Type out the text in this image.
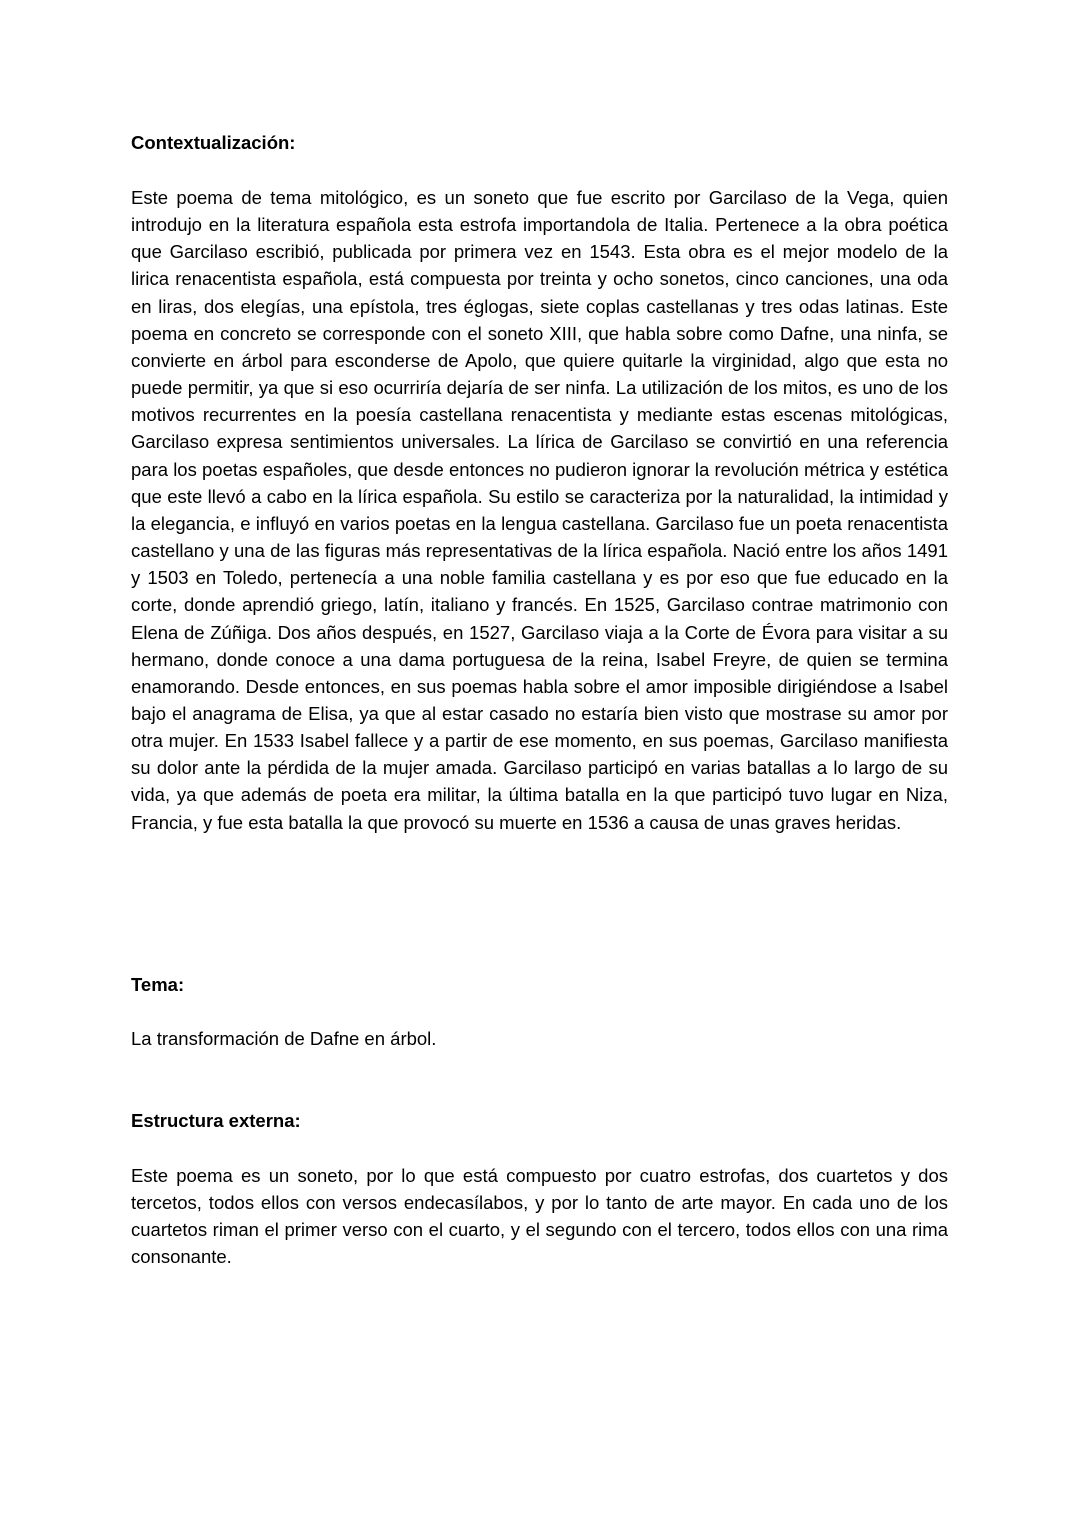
Contextualización:

Este poema de tema mitológico, es un soneto que fue escrito por Garcilaso de la Vega, quien introdujo en la literatura española esta estrofa importandola de Italia. Pertenece a la obra poética que Garcilaso escribió, publicada por primera vez en 1543. Esta obra es el mejor modelo de la lirica renacentista española, está compuesta por treinta y ocho sonetos, cinco canciones, una oda en liras, dos elegías, una epístola, tres églogas, siete coplas castellanas y tres odas latinas. Este poema en concreto se corresponde con el soneto XIII, que habla sobre como Dafne, una ninfa, se convierte en árbol para esconderse de Apolo, que quiere quitarle la virginidad, algo que esta no puede permitir, ya que si eso ocurriría dejaría de ser ninfa. La utilización de los mitos, es uno de los motivos recurrentes en la poesía castellana renacentista y mediante estas escenas mitológicas, Garcilaso expresa sentimientos universales. La lírica de Garcilaso se convirtió en una referencia para los poetas españoles, que desde entonces no pudieron ignorar la revolución métrica y estética que este llevó a cabo en la lírica española. Su estilo se caracteriza por la naturalidad, la intimidad y la elegancia, e influyó en varios poetas en la lengua castellana. Garcilaso fue un poeta renacentista castellano y una de las figuras más representativas de la lírica española. Nació entre los años 1491 y 1503 en Toledo, pertenecía a una noble familia castellana y es por eso que fue educado en la corte, donde aprendió griego, latín, italiano y francés. En 1525, Garcilaso contrae matrimonio con Elena de Zúñiga. Dos años después, en 1527, Garcilaso viaja a la Corte de Évora para visitar a su hermano, donde conoce a una dama portuguesa de la reina, Isabel Freyre, de quien se termina enamorando. Desde entonces, en sus poemas habla sobre el amor imposible dirigiéndose a Isabel bajo el anagrama de Elisa, ya que al estar casado no estaría bien visto que mostrase su amor por otra mujer. En 1533 Isabel fallece y a partir de ese momento, en sus poemas, Garcilaso manifiesta su dolor ante la pérdida de la mujer amada. Garcilaso participó en varias batallas a lo largo de su vida, ya que además de poeta era militar, la última batalla en la que participó tuvo lugar en Niza, Francia, y fue esta batalla la que provocó su muerte en 1536 a causa de unas graves heridas.

Tema:

La transformación de Dafne en árbol.

Estructura externa:

Este poema es un soneto, por lo que está compuesto por cuatro estrofas, dos cuartetos y dos tercetos, todos ellos con versos endecasílabos, y por lo tanto de arte mayor. En cada uno de los cuartetos riman el primer verso con el cuarto, y el segundo con el tercero, todos ellos con una rima consonante.
